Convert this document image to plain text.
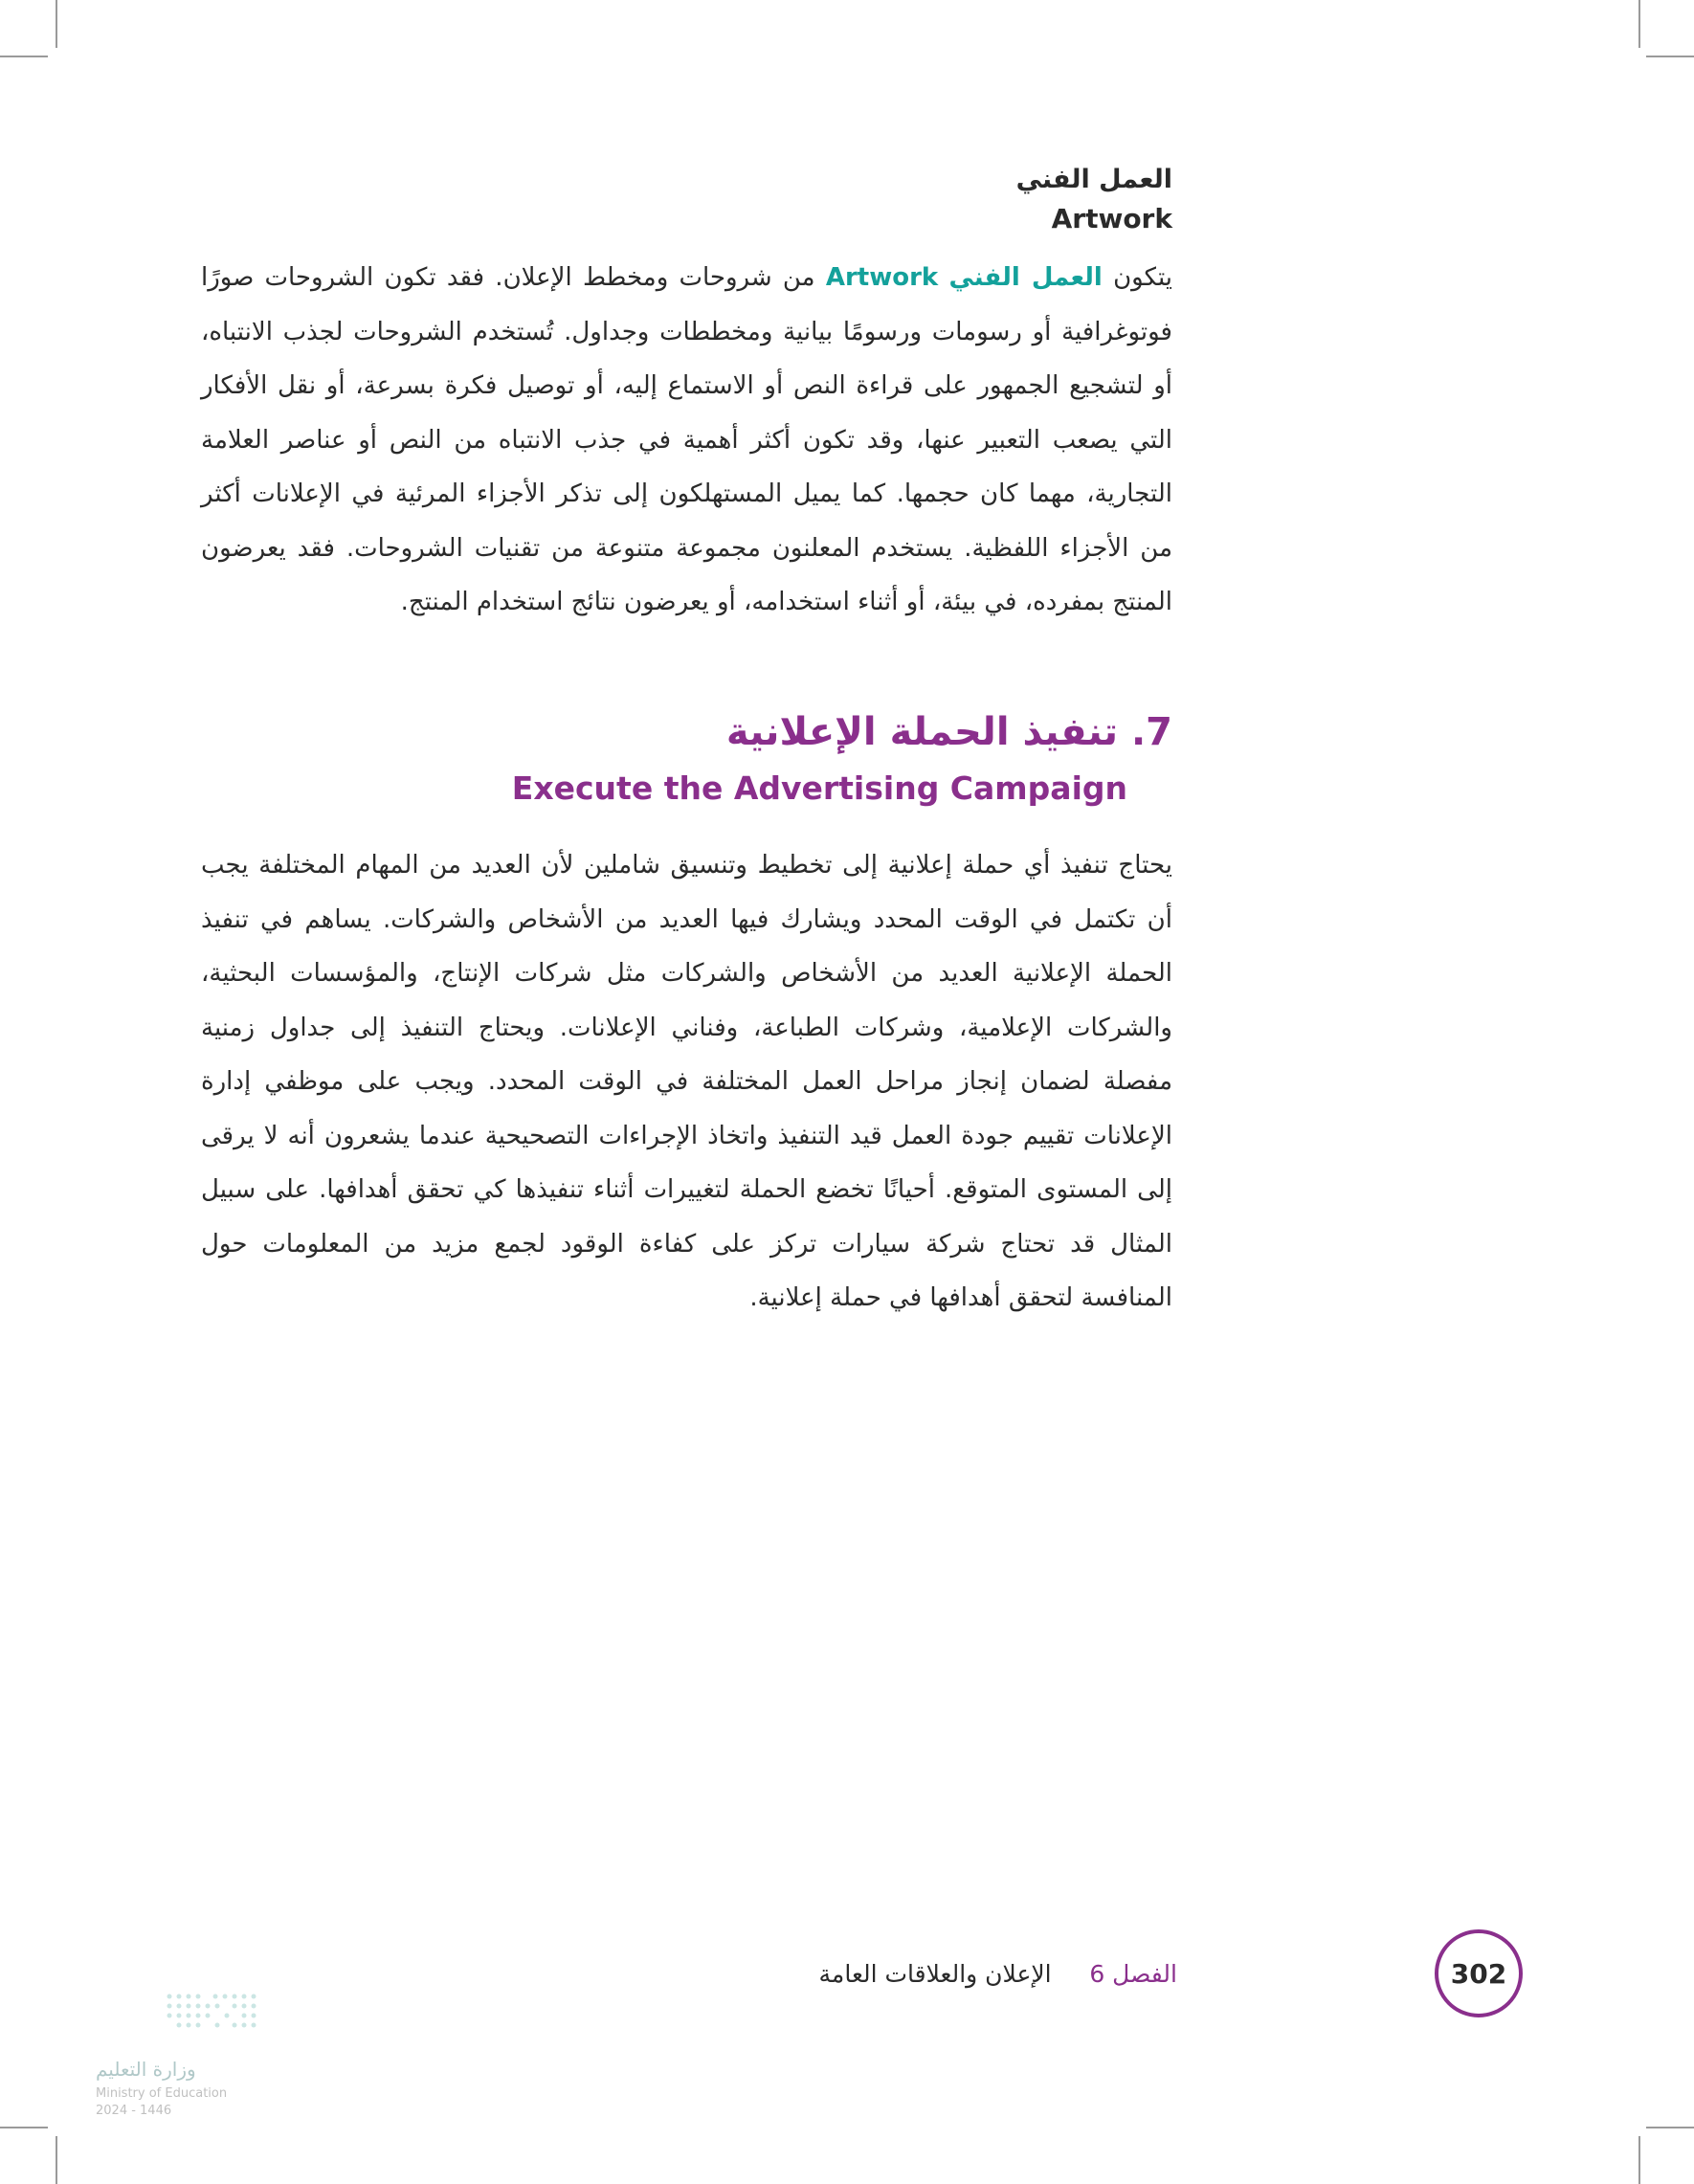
العمل الفني
Artwork
يتكون العمل الفني Artwork من شروحات ومخطط الإعلان. فقد تكون الشروحات صورًا فوتوغرافية أو رسومات ورسومًا بيانية ومخططات وجداول. تُستخدم الشروحات لجذب الانتباه، أو لتشجيع الجمهور على قراءة النص أو الاستماع إليه، أو توصيل فكرة بسرعة، أو نقل الأفكار التي يصعب التعبير عنها، وقد تكون أكثر أهمية في جذب الانتباه من النص أو عناصر العلامة التجارية، مهما كان حجمها. كما يميل المستهلكون إلى تذكر الأجزاء المرئية في الإعلانات أكثر من الأجزاء اللفظية. يستخدم المعلنون مجموعة متنوعة من تقنيات الشروحات. فقد يعرضون المنتج بمفرده، في بيئة، أو أثناء استخدامه، أو يعرضون نتائج استخدام المنتج.
7. تنفيذ الحملة الإعلانية
Execute the Advertising Campaign
يحتاج تنفيذ أي حملة إعلانية إلى تخطيط وتنسيق شاملين لأن العديد من المهام المختلفة يجب أن تكتمل في الوقت المحدد ويشارك فيها العديد من الأشخاص والشركات. يساهم في تنفيذ الحملة الإعلانية العديد من الأشخاص والشركات مثل شركات الإنتاج، والمؤسسات البحثية، والشركات الإعلامية، وشركات الطباعة، وفناني الإعلانات. ويحتاج التنفيذ إلى جداول زمنية مفصلة لضمان إنجاز مراحل العمل المختلفة في الوقت المحدد. ويجب على موظفي إدارة الإعلانات تقييم جودة العمل قيد التنفيذ واتخاذ الإجراءات التصحيحية عندما يشعرون أنه لا يرقى إلى المستوى المتوقع. أحيانًا تخضع الحملة لتغييرات أثناء تنفيذها كي تحقق أهدافها. على سبيل المثال قد تحتاج شركة سيارات تركز على كفاءة الوقود لجمع مزيد من المعلومات حول المنافسة لتحقق أهدافها في حملة إعلانية.
302
الفصل 6     الإعلان والعلاقات العامة
وزارة التعليم
Ministry of Education
2024 - 1446
